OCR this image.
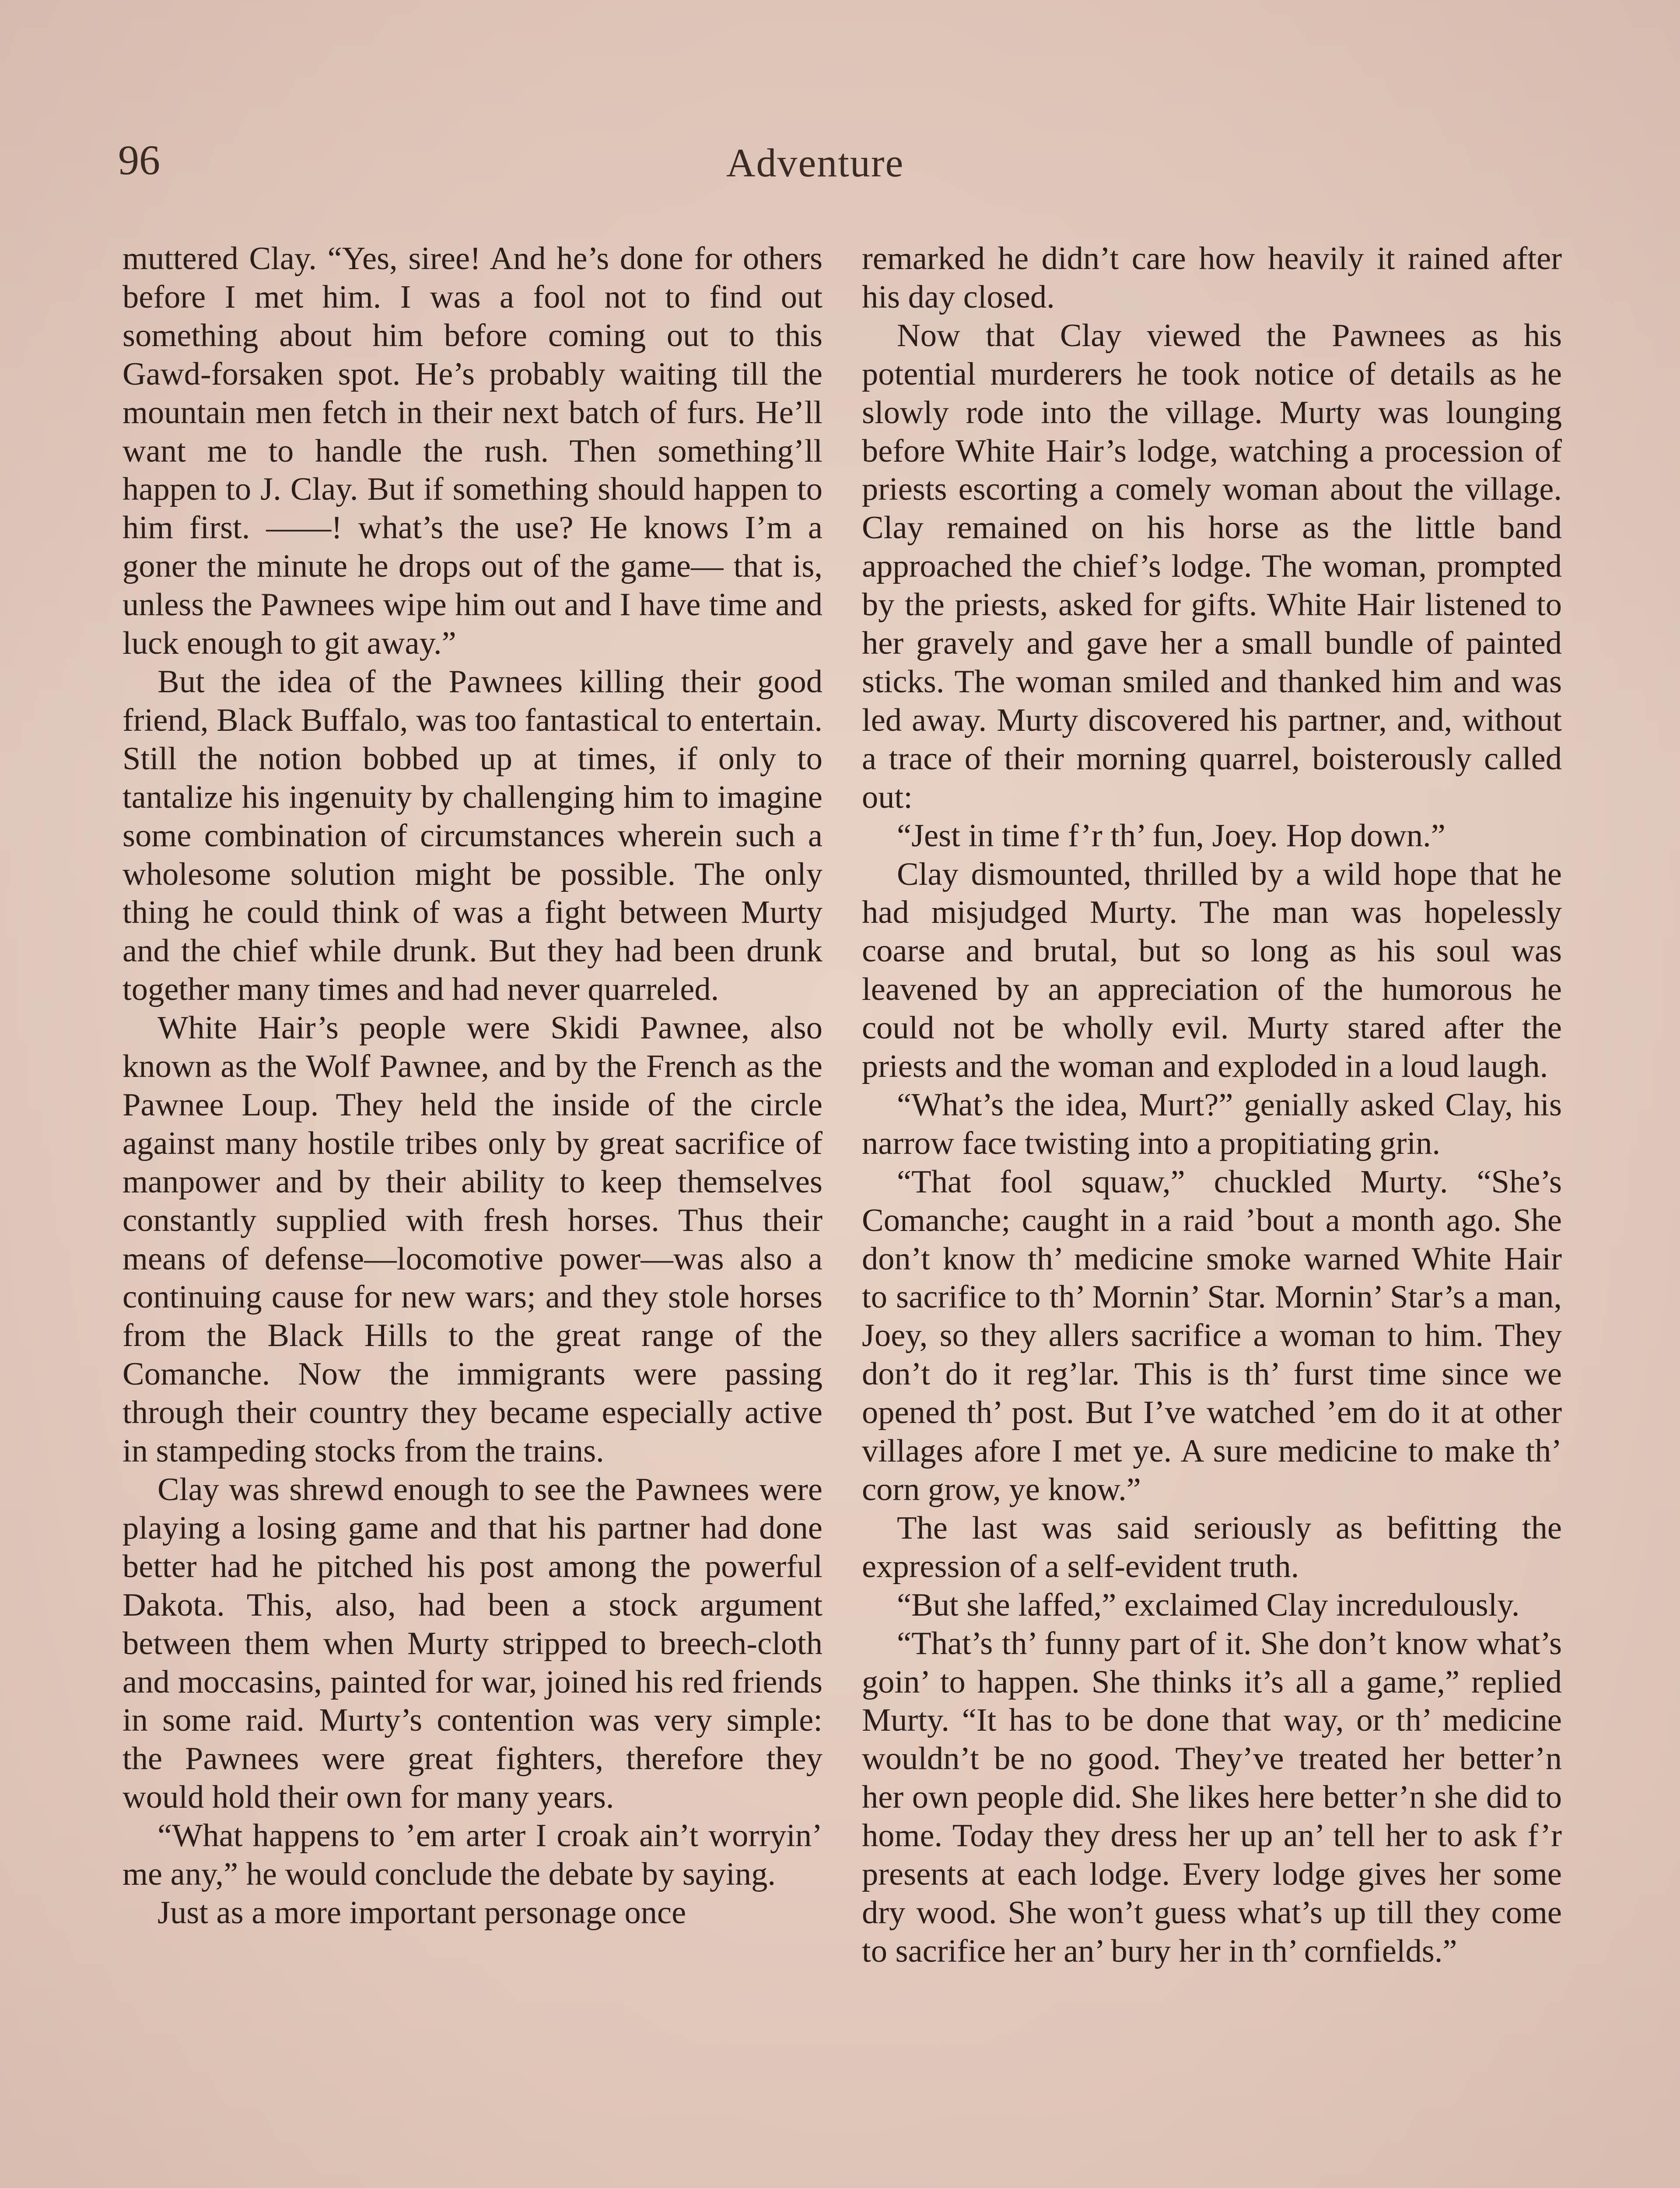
96	Adventure

muttered Clay. “Yes, siree! And he’s done for others before I met him. I was a fool not to find out something about him before coming out to this Gawd-forsaken spot. He’s probably waiting till the mountain men fetch in their next batch of furs. He’ll want me to handle the rush. Then something’ll happen to J. Clay. But if something should happen to him first. ——! what’s the use? He knows I’m a goner the minute he drops out of the game— that is, unless the Pawnees wipe him out and I have time and luck enough to git away.”

But the idea of the Pawnees killing their good friend, Black Buffalo, was too fantastical to entertain. Still the notion bobbed up at times, if only to tantalize his ingenuity by challenging him to imagine some combination of circumstances wherein such a wholesome solution might be possible. The only thing he could think of was a fight between Murty and the chief while drunk. But they had been drunk together many times and had never quarreled.

White Hair’s people were Skidi Pawnee, also known as the Wolf Pawnee, and by the French as the Pawnee Loup. They held the inside of the circle against many hostile tribes only by great sacrifice of manpower and by their ability to keep themselves constantly supplied with fresh horses. Thus their means of defense—locomotive power—was also a continuing cause for new wars; and they stole horses from the Black Hills to the great range of the Comanche. Now the immigrants were passing through their country they became especially active in stampeding stocks from the trains.

Clay was shrewd enough to see the Pawnees were playing a losing game and that his partner had done better had he pitched his post among the powerful Dakota. This, also, had been a stock argument between them when Murty stripped to breech-cloth and moccasins, painted for war, joined his red friends in some raid. Murty’s contention was very simple: the Pawnees were great fighters, therefore they would hold their own for many years.

“What happens to ’em arter I croak ain’t worryin’ me any,” he would conclude the debate by saying.

Just as a more important personage once

remarked he didn’t care how heavily it rained after his day closed.

Now that Clay viewed the Pawnees as his potential murderers he took notice of details as he slowly rode into the village. Murty was lounging before White Hair’s lodge, watching a procession of priests escorting a comely woman about the village. Clay remained on his horse as the little band approached the chief’s lodge. The woman, prompted by the priests, asked for gifts. White Hair listened to her gravely and gave her a small bundle of painted sticks. The woman smiled and thanked him and was led away. Murty discovered his partner, and, without a trace of their morning quarrel, boisterously called out:

“Jest in time f’r th’ fun, Joey. Hop down.”

Clay dismounted, thrilled by a wild hope that he had misjudged Murty. The man was hopelessly coarse and brutal, but so long as his soul was leavened by an appreciation of the humorous he could not be wholly evil. Murty stared after the priests and the woman and exploded in a loud laugh.

“What’s the idea, Murt?” genially asked Clay, his narrow face twisting into a propitiating grin.

“That fool squaw,” chuckled Murty. “She’s Comanche; caught in a raid ’bout a month ago. She don’t know th’ medicine smoke warned White Hair to sacrifice to th’ Mornin’ Star. Mornin’ Star’s a man, Joey, so they allers sacrifice a woman to him. They don’t do it reg’lar. This is th’ furst time since we opened th’ post. But I’ve watched ’em do it at other villages afore I met ye. A sure medicine to make th’ corn grow, ye know.”

The last was said seriously as befitting the expression of a self-evident truth.

“But she laffed,” exclaimed Clay incredulously.

“That’s th’ funny part of it. She don’t know what’s goin’ to happen. She thinks it’s all a game,” replied Murty. “It has to be done that way, or th’ medicine wouldn’t be no good. They’ve treated her better’n her own people did. She likes here better’n she did to home. Today they dress her up an’ tell her to ask f’r presents at each lodge. Every lodge gives her some dry wood. She won’t guess what’s up till they come to sacrifice her an’ bury her in th’ cornfields.”
